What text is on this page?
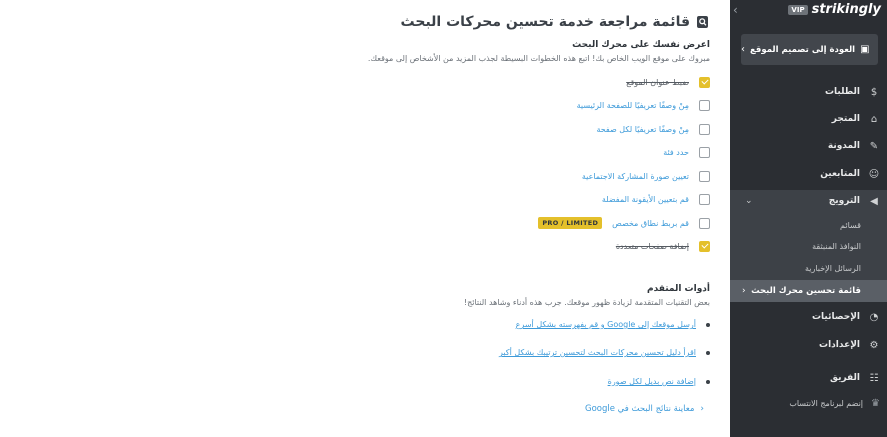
قائمة مراجعة خدمة تحسين محركات البحث
اعرض نفسك على محرك البحث
مبروك على موقع الويب الخاص بك! اتبع هذه الخطوات البسيطة لجذب المزيد من الأشخاص إلى موقعك.
ضبط عنوان الموقع
مِنْ وصفًا تعريفيًا للصفحة الرئيسية
مِنْ وصفًا تعريفيًا لكل صفحة
حدد فئة
تعيين صورة المشاركة الاجتماعية
قم بتعيين الأيقونة المفضلة
قم بربط نطاق مخصص
PRO / LIMITED
إضافة صفحات متعددة
أدوات المتقدم
بعض التقنيات المتقدمة لزيادة ظهور موقعك. جرب هذه أدناء وشاهد النتائج!
أرسل موقعك إلى Google و قم بفهرسته بشكل أسرع
اقرأ دليل تحسين محركات البحث لتحسين ترتيبك بشكل أكبر
إضافة نص بديل لكل صورة
‹
معاينة نتائج البحث في Google
‹	VIP strikingly
▣
العودة إلى تصميم الموقع
›
الطلبات $
المتجر ⌂
المدونة ✎
المتابعين ☺
⌄	الترويج ◀
قسائم
النوافذ المنبثقة
الرسائل الإخبارية
› قائمة تحسين محرك البحث
الإحصائيات ◔
الإعدادات ⚙
الفريق ☷
إنضم لبرنامج الانتساب ♛
